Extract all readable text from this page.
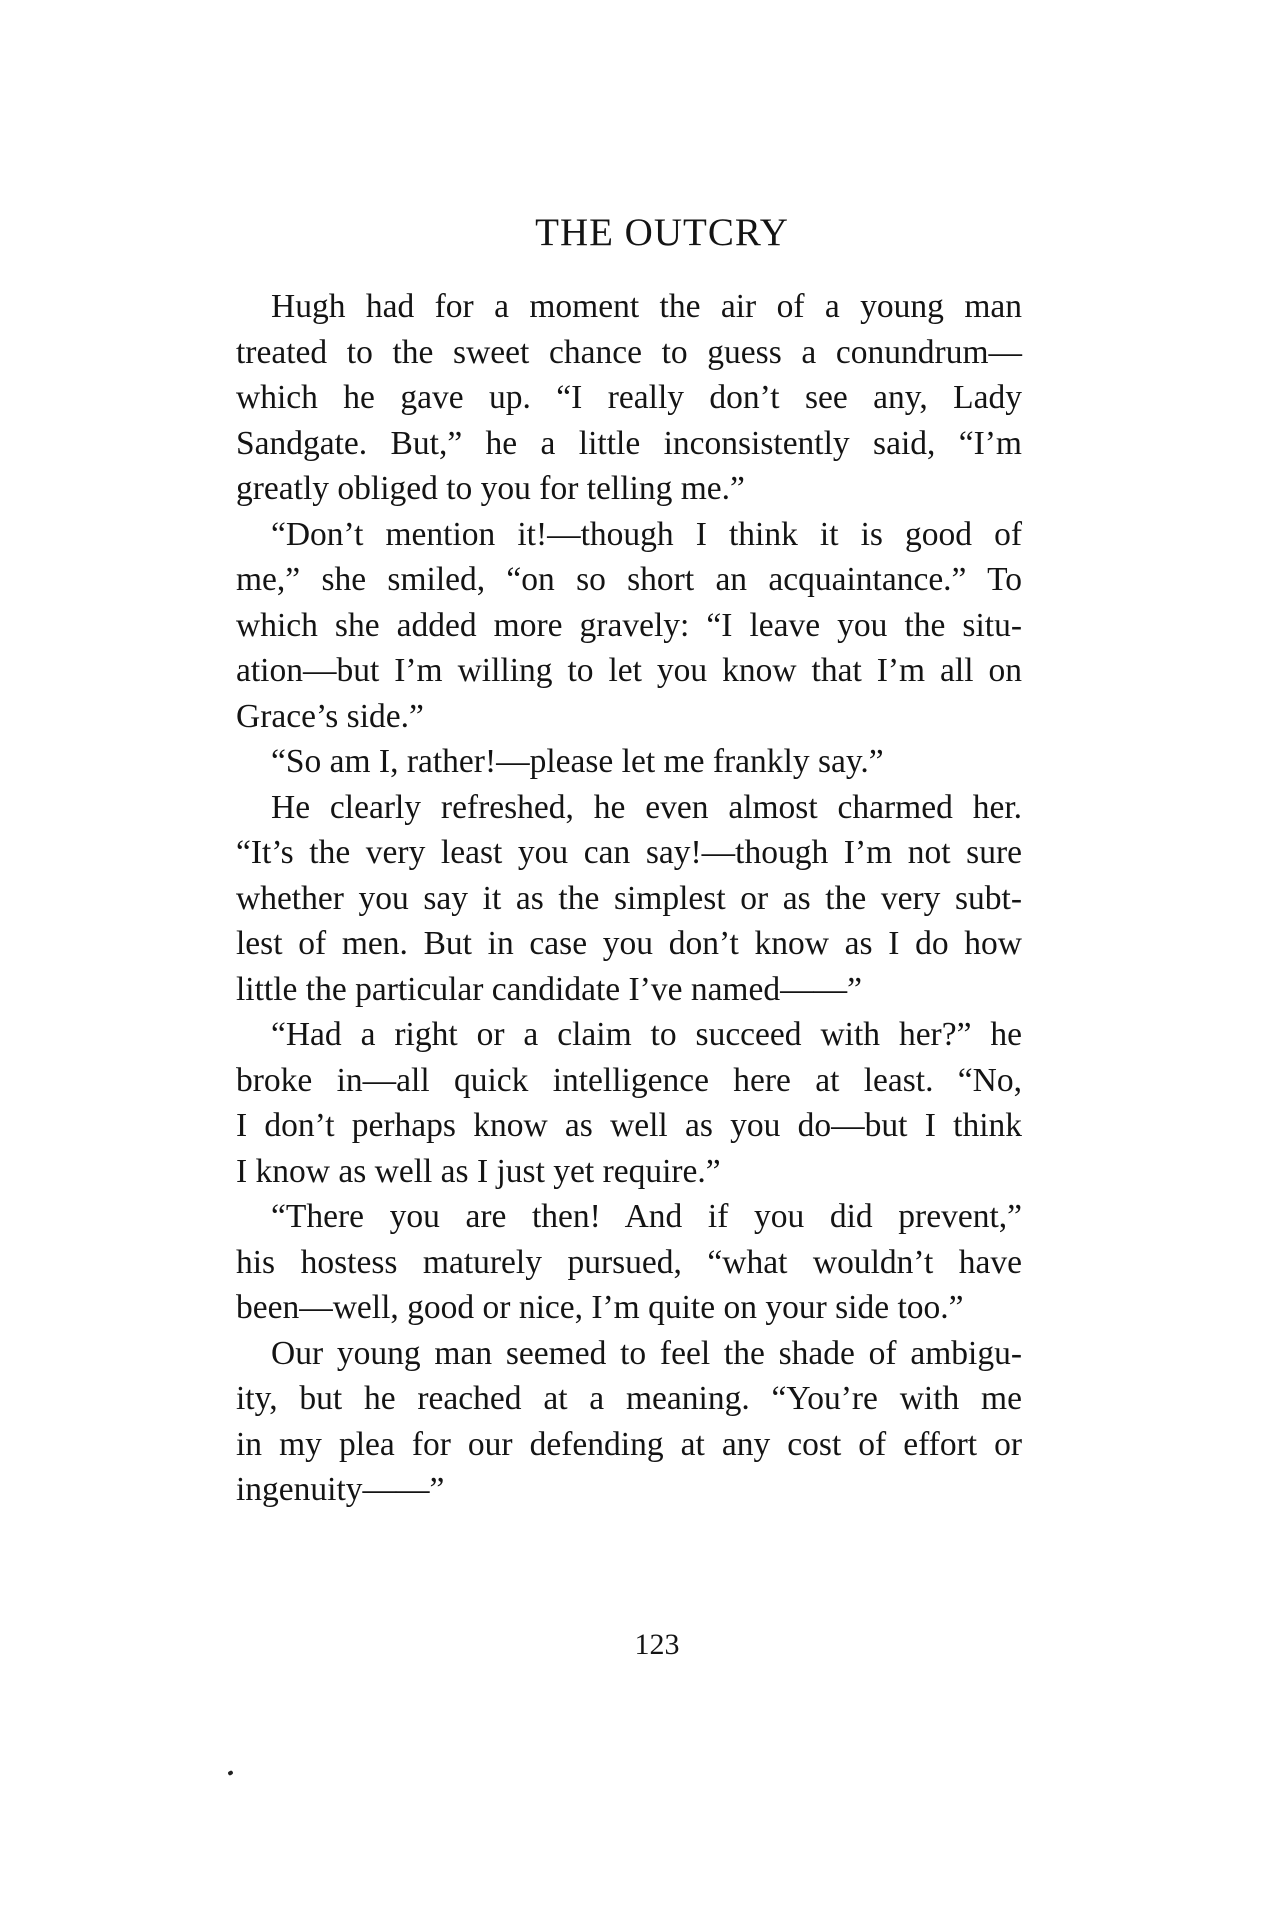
THE OUTCRY
Hugh had for a moment the air of a young man
treated to the sweet chance to guess a conundrum—
which he gave up. “I really don’t see any, Lady
Sandgate. But,” he a little inconsistently said, “I’m
greatly obliged to you for telling me.”
“Don’t mention it!—though I think it is good of
me,” she smiled, “on so short an acquaintance.” To
which she added more gravely: “I leave you the situ-
ation—but I’m willing to let you know that I’m all on
Grace’s side.”
“So am I, rather!—please let me frankly say.”
He clearly refreshed, he even almost charmed her.
“It’s the very least you can say!—though I’m not sure
whether you say it as the simplest or as the very subt-
lest of men. But in case you don’t know as I do how
little the particular candidate I’ve named——”
“Had a right or a claim to succeed with her?” he
broke in—all quick intelligence here at least. “No,
I don’t perhaps know as well as you do—but I think
I know as well as I just yet require.”
“There you are then! And if you did prevent,”
his hostess maturely pursued, “what wouldn’t have
been—well, good or nice, I’m quite on your side too.”
Our young man seemed to feel the shade of ambigu-
ity, but he reached at a meaning. “You’re with me
in my plea for our defending at any cost of effort or
ingenuity——”
123
